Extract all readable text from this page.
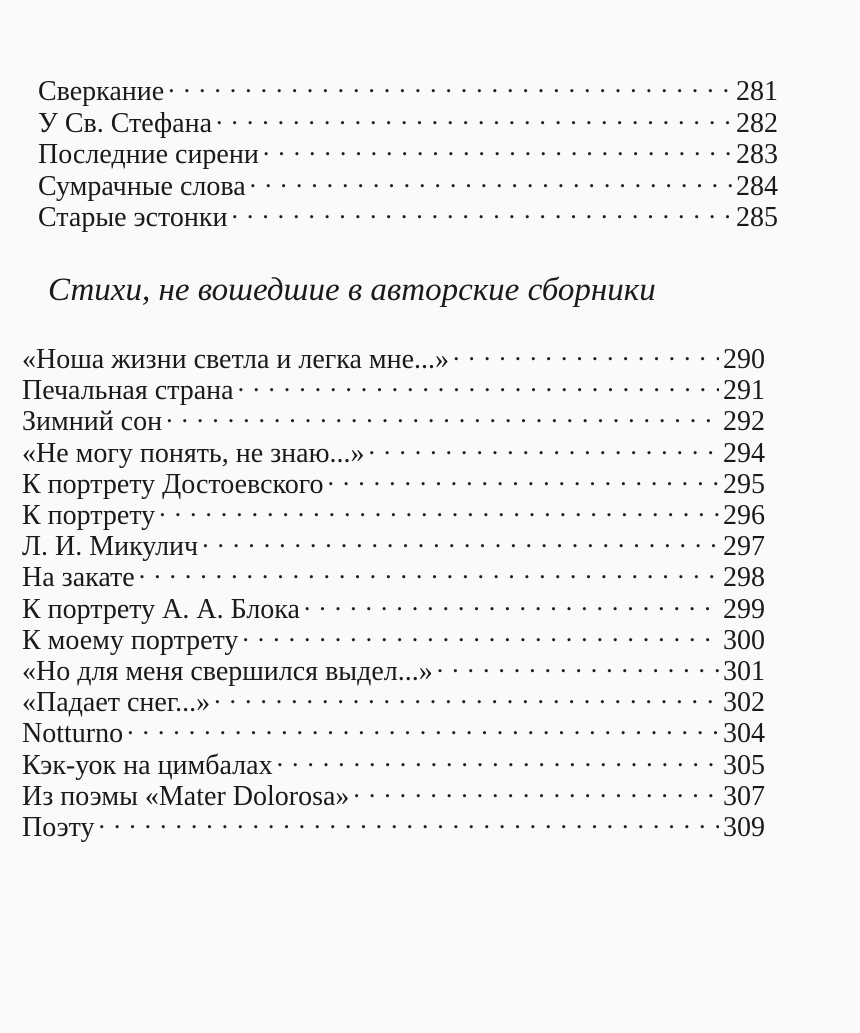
Сверкание . . .	281
У Св. Стефана . . .	282
Последние сирени . . .	283
Сумрачные слова . . .	284
Старые эстонки . . .	285
Стихи, не вошедшие в авторские сборники
«Ноша жизни светла и легка мне...» . . .	290
Печальная страна . . .	291
Зимний сон . . .	292
«Не могу понять, не знаю...» . . .	294
К портрету Достоевского . . .	295
К портрету . . .	296
Л. И. Микулич . . .	297
На закате . . .	298
К портрету А. А. Блока . . .	299
К моему портрету . . .	300
«Но для меня свершился выдел...» . . .	301
«Падает снег...» . . .	302
Notturno . . .	304
Кэк-уок на цимбалах . . .	305
Из поэмы «Mater Dolorosa» . . .	307
Поэту . . .	309
